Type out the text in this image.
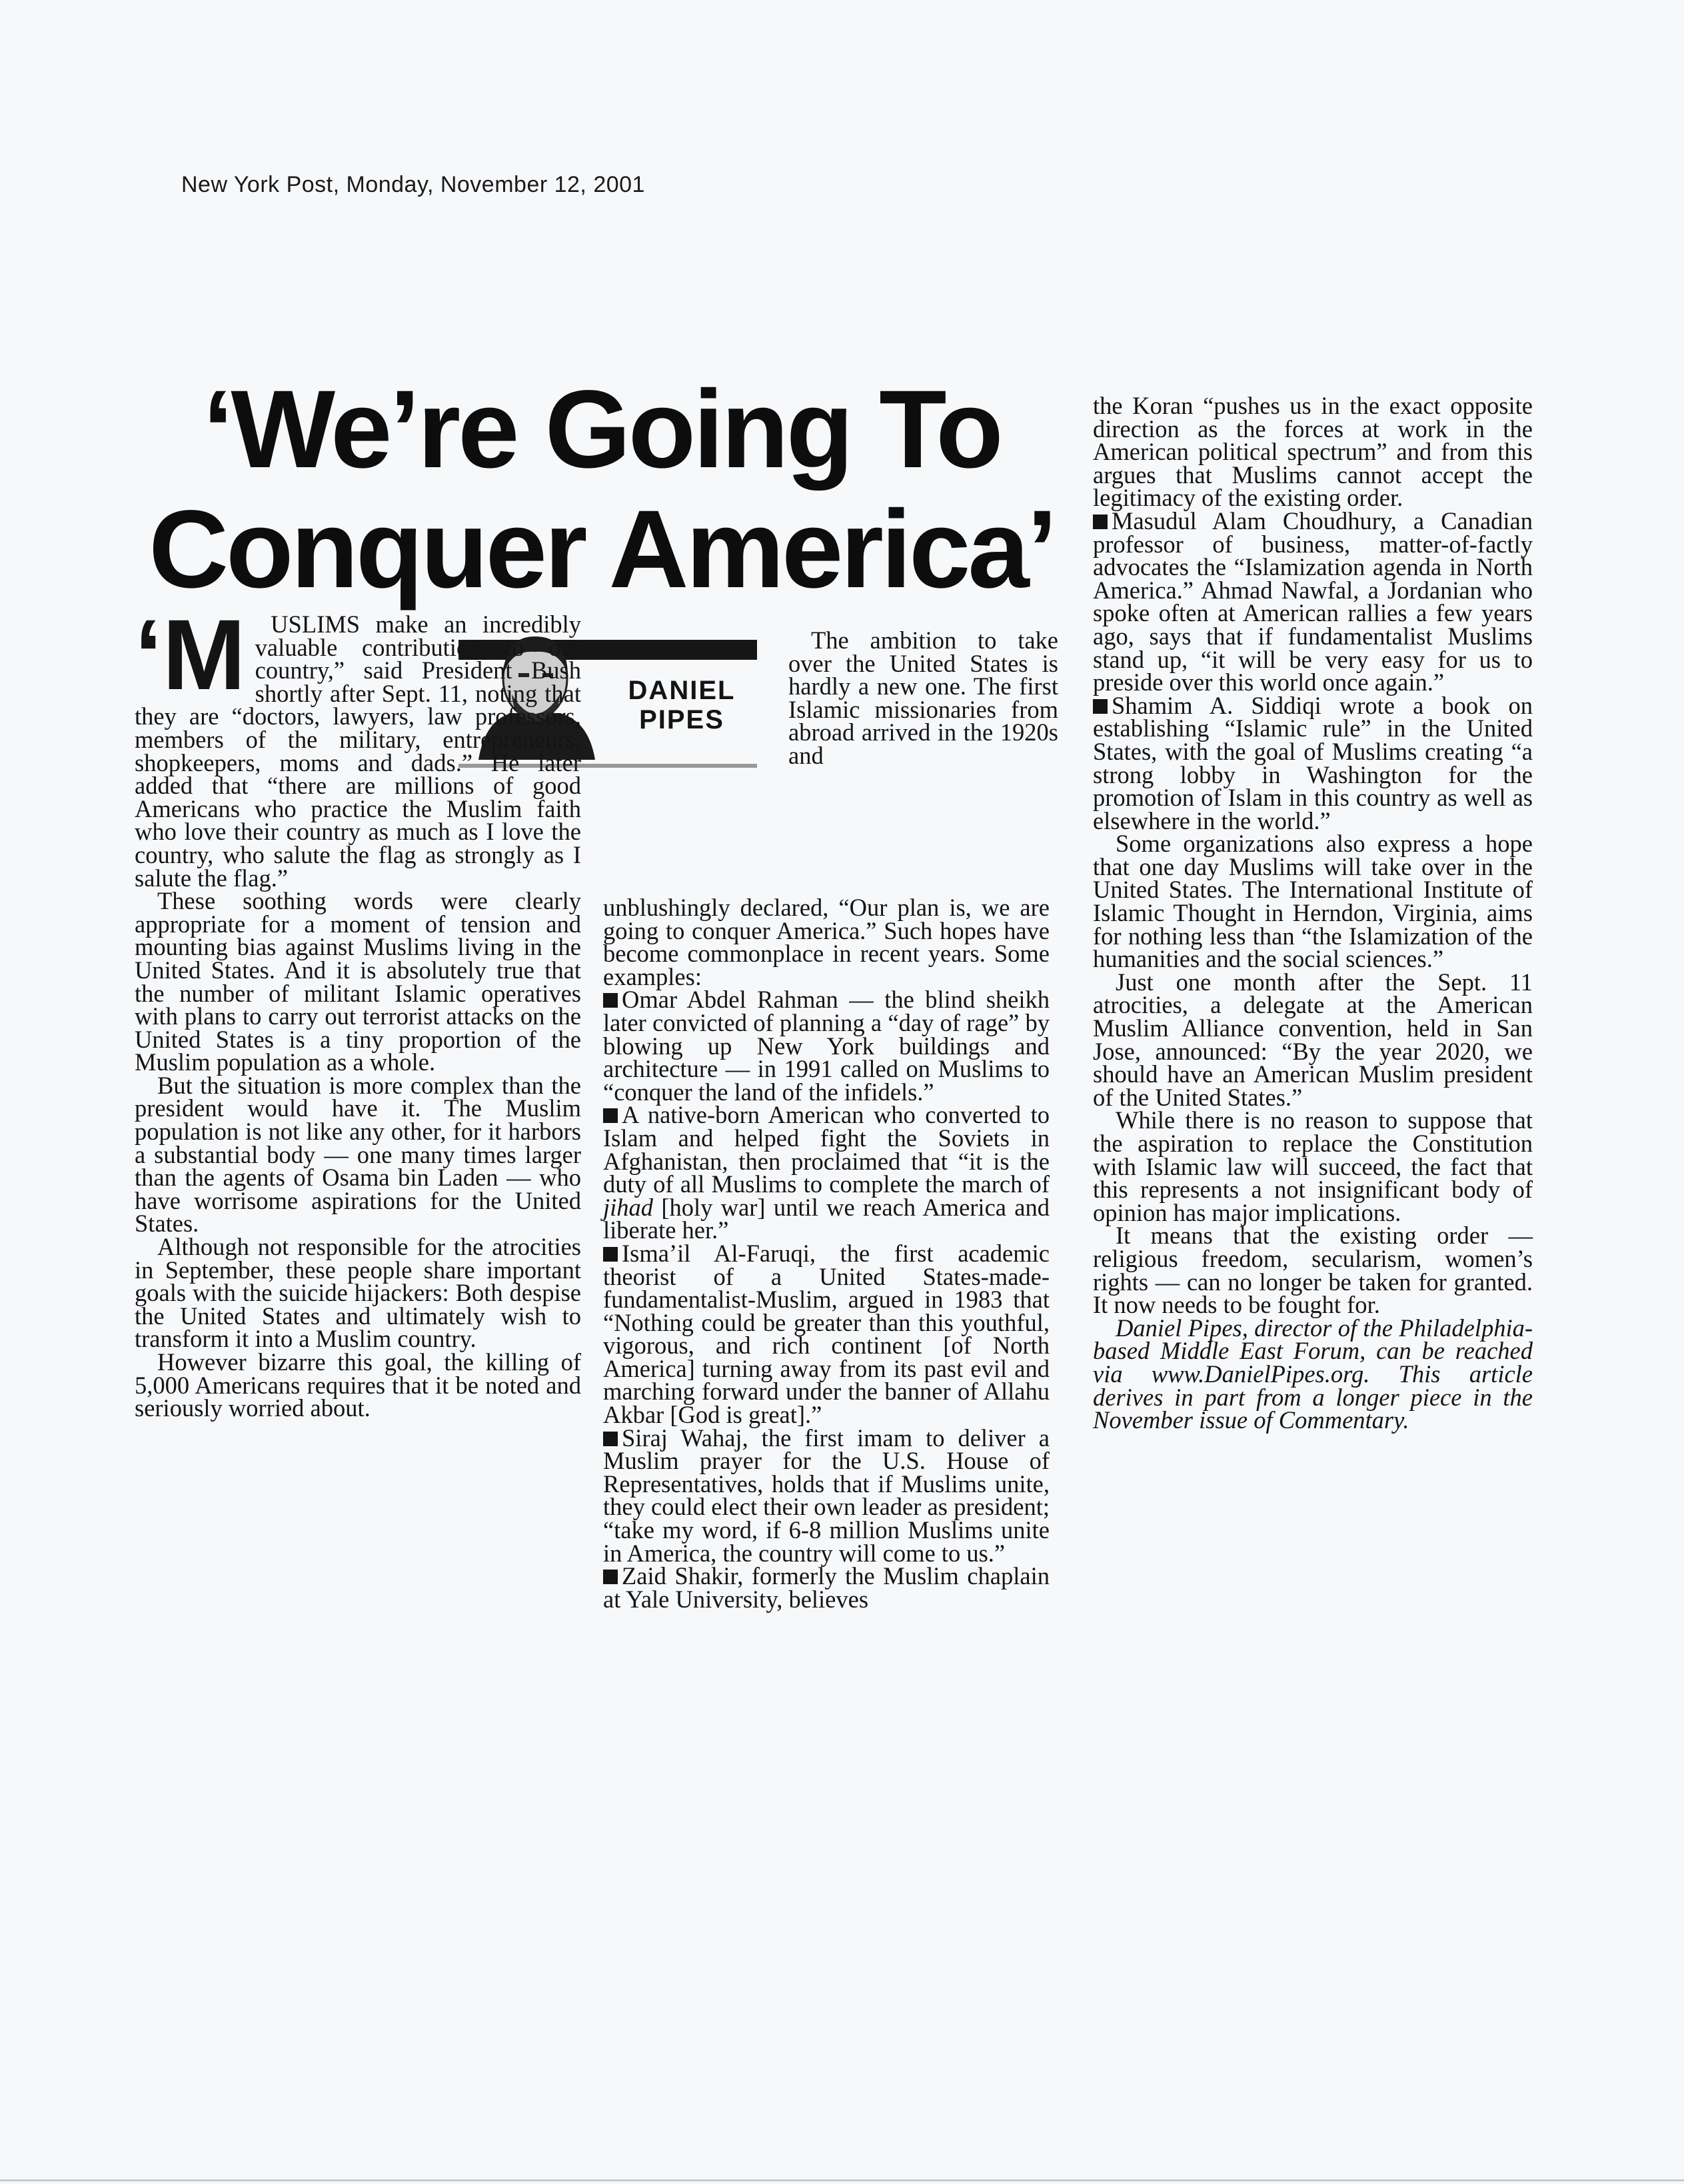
New York Post, Monday, November 12, 2001
‘We’re Going To
Conquer America’
DANIEL
PIPES

‘M USLIMS make an incredibly valuable contribution to our country,” said President Bush shortly after Sept. 11, noting that they are “doctors, lawyers, law professors, members of the military, entrepreneurs, shopkeepers, moms and dads.” He later added that “there are millions of good Americans who practice the Muslim faith who love their country as much as I love the country, who salute the flag as strongly as I salute the flag.”

These soothing words were clearly appropriate for a moment of tension and mounting bias against Muslims living in the United States. And it is absolutely true that the number of militant Islamic operatives with plans to carry out terrorist attacks on the United States is a tiny proportion of the Muslim population as a whole.

But the situation is more complex than the president would have it. The Muslim population is not like any other, for it harbors a substantial body — one many times larger than the agents of Osama bin Laden — who have worrisome aspirations for the United States.

Although not responsible for the atrocities in September, these people share important goals with the suicide hijackers: Both despise the United States and ultimately wish to transform it into a Muslim country.

However bizarre this goal, the killing of 5,000 Americans requires that it be noted and seriously worried about.

The ambition to take over the United States is hardly a new one. The first Islamic missionaries from abroad arrived in the 1920s and

unblushingly declared, “Our plan is, we are going to conquer America.” Such hopes have become commonplace in recent years. Some examples:

Omar Abdel Rahman — the blind sheikh later convicted of planning a “day of rage” by blowing up New York buildings and architecture — in 1991 called on Muslims to “conquer the land of the infidels.”

A native-born American who converted to Islam and helped fight the Soviets in Afghanistan, then proclaimed that “it is the duty of all Muslims to complete the march of jihad [holy war] until we reach America and liberate her.”

Isma’il Al-Faruqi, the first academic theorist of a United States-made-fundamentalist-Muslim, argued in 1983 that “Nothing could be greater than this youthful, vigorous, and rich continent [of North America] turning away from its past evil and marching forward under the banner of Allahu Akbar [God is great].”

Siraj Wahaj, the first imam to deliver a Muslim prayer for the U.S. House of Representatives, holds that if Muslims unite, they could elect their own leader as president; “take my word, if 6-8 million Muslims unite in America, the country will come to us.”

Zaid Shakir, formerly the Muslim chaplain at Yale University, believes

the Koran “pushes us in the exact opposite direction as the forces at work in the American political spectrum” and from this argues that Muslims cannot accept the legitimacy of the existing order.

Masudul Alam Choudhury, a Canadian professor of business, matter-of-factly advocates the “Islamization agenda in North America.” Ahmad Nawfal, a Jordanian who spoke often at American rallies a few years ago, says that if fundamentalist Muslims stand up, “it will be very easy for us to preside over this world once again.”

Shamim A. Siddiqi wrote a book on establishing “Islamic rule” in the United States, with the goal of Muslims creating “a strong lobby in Washington for the promotion of Islam in this country as well as elsewhere in the world.”

Some organizations also express a hope that one day Muslims will take over in the United States. The International Institute of Islamic Thought in Herndon, Virginia, aims for nothing less than “the Islamization of the humanities and the social sciences.”

Just one month after the Sept. 11 atrocities, a delegate at the American Muslim Alliance convention, held in San Jose, announced: “By the year 2020, we should have an American Muslim president of the United States.”

While there is no reason to suppose that the aspiration to replace the Constitution with Islamic law will succeed, the fact that this represents a not insignificant body of opinion has major implications.

It means that the existing order — religious freedom, secularism, women’s rights — can no longer be taken for granted. It now needs to be fought for.

Daniel Pipes, director of the Philadelphia-based Middle East Forum, can be reached via www.DanielPipes.org. This article derives in part from a longer piece in the November issue of Commentary.
